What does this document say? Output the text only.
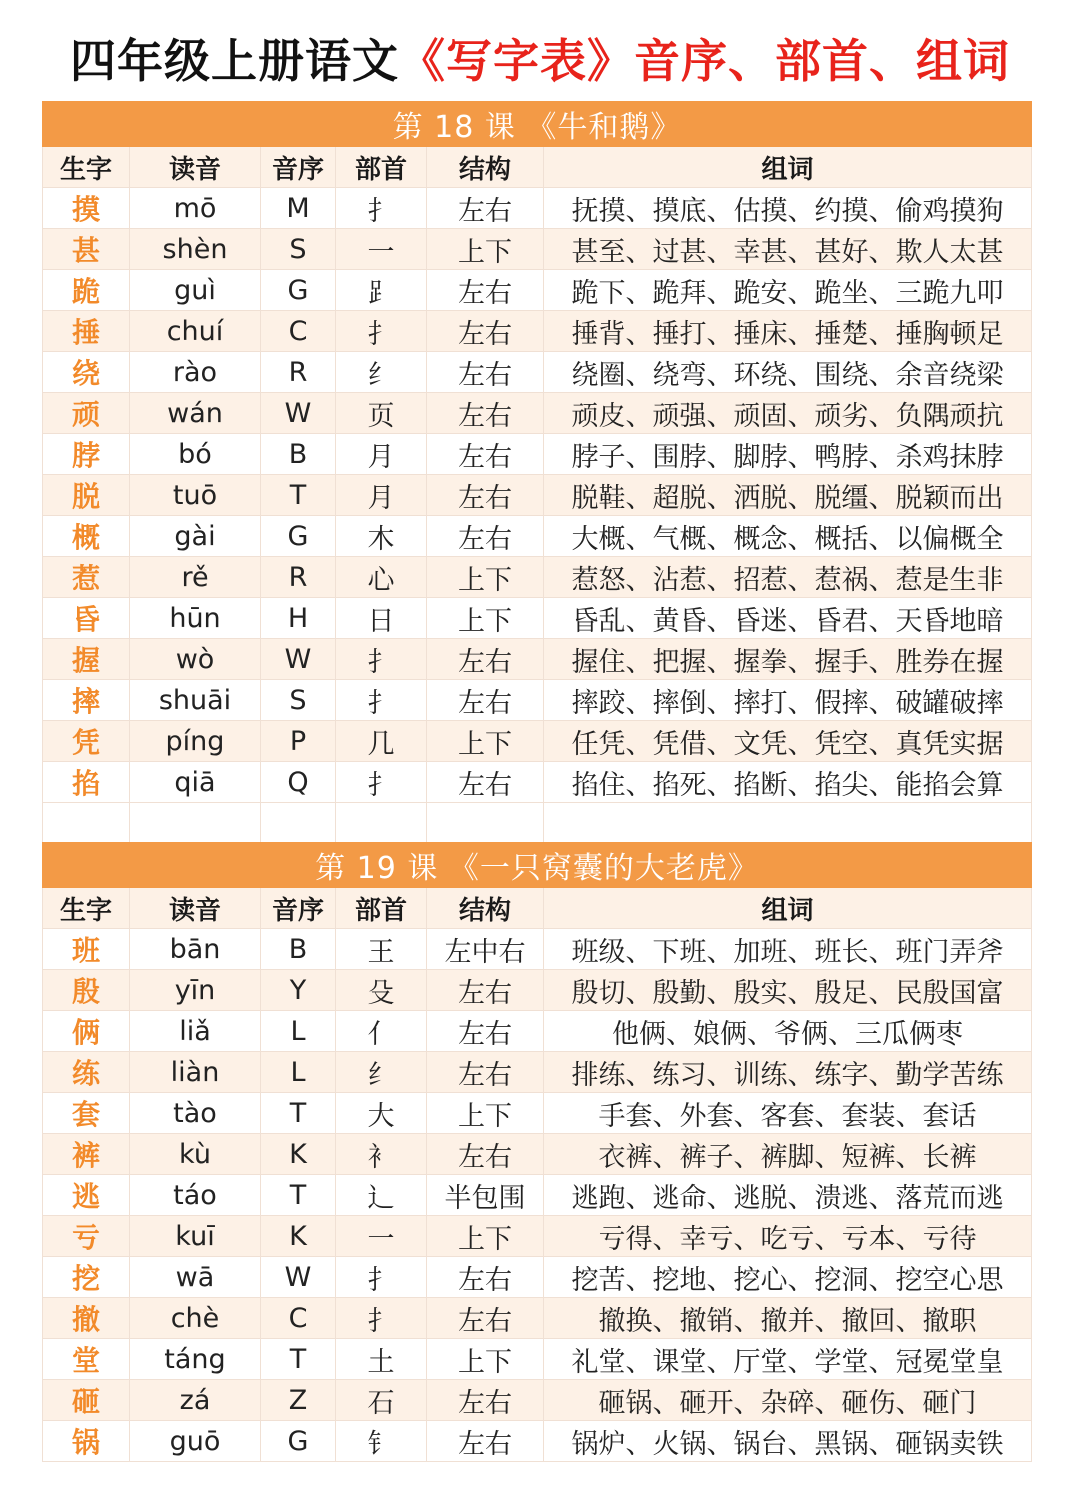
四年级上册语文《写字表》音序、部首、组词
第 18 课 《牛和鹅》					
生字	读音	音序	部首	结构	组词
摸	mō	M	扌	左右	抚摸、摸底、估摸、约摸、偷鸡摸狗
甚	shèn	S	一	上下	甚至、过甚、幸甚、甚好、欺人太甚
跪	guì	G	⻊	左右	跪下、跪拜、跪安、跪坐、三跪九叩
捶	chuí	C	扌	左右	捶背、捶打、捶床、捶楚、捶胸顿足
绕	rào	R	纟	左右	绕圈、绕弯、环绕、围绕、余音绕梁
顽	wán	W	页	左右	顽皮、顽强、顽固、顽劣、负隅顽抗
脖	bó	B	月	左右	脖子、围脖、脚脖、鸭脖、杀鸡抹脖
脱	tuō	T	月	左右	脱鞋、超脱、洒脱、脱缰、脱颖而出
概	gài	G	木	左右	大概、气概、概念、概括、以偏概全
惹	rě	R	心	上下	惹怒、沾惹、招惹、惹祸、惹是生非
昏	hūn	H	日	上下	昏乱、黄昏、昏迷、昏君、天昏地暗
握	wò	W	扌	左右	握住、把握、握拳、握手、胜券在握
摔	shuāi	S	扌	左右	摔跤、摔倒、摔打、假摔、破罐破摔
凭	píng	P	几	上下	任凭、凭借、文凭、凭空、真凭实据
掐	qiā	Q	扌	左右	掐住、掐死、掐断、掐尖、能掐会算

第 19 课 《一只窝囊的大老虎》					
生字	读音	音序	部首	结构	组词
班	bān	B	王	左中右	班级、下班、加班、班长、班门弄斧
殷	yīn	Y	殳	左右	殷切、殷勤、殷实、殷足、民殷国富
俩	liǎ	L	亻	左右	他俩、娘俩、爷俩、三瓜俩枣
练	liàn	L	纟	左右	排练、练习、训练、练字、勤学苦练
套	tào	T	大	上下	手套、外套、客套、套装、套话
裤	kù	K	衤	左右	衣裤、裤子、裤脚、短裤、长裤
逃	táo	T	辶	半包围	逃跑、逃命、逃脱、溃逃、落荒而逃
亏	kuī	K	一	上下	亏得、幸亏、吃亏、亏本、亏待
挖	wā	W	扌	左右	挖苦、挖地、挖心、挖洞、挖空心思
撤	chè	C	扌	左右	撤换、撤销、撤并、撤回、撤职
堂	táng	T	土	上下	礼堂、课堂、厅堂、学堂、冠冕堂皇
砸	zá	Z	石	左右	砸锅、砸开、杂碎、砸伤、砸门
锅	guō	G	钅	左右	锅炉、火锅、锅台、黑锅、砸锅卖铁
